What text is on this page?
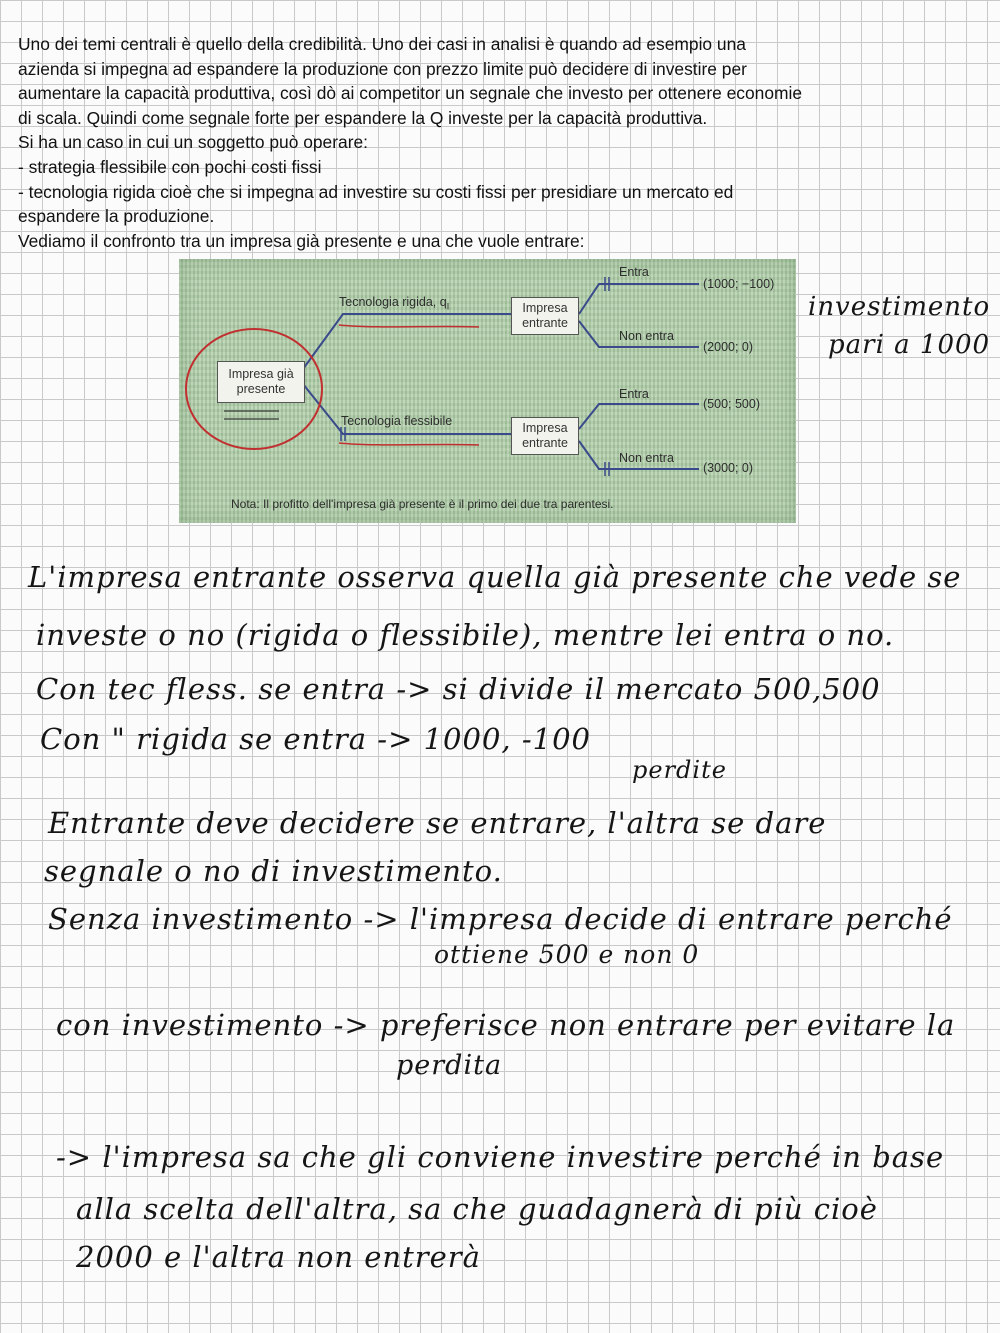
Uno dei temi centrali è quello della credibilità. Uno dei casi in analisi è quando ad esempio una
azienda si impegna ad espandere la produzione con prezzo limite può decidere di investire per
aumentare la capacità produttiva, così dò ai competitor un segnale che investo per ottenere economie
di scala. Quindi come segnale forte per espandere la Q investe per la capacità produttiva.
Si ha un caso in cui un soggetto può operare:
- strategia flessibile con pochi costi fissi
- tecnologia rigida cioè che si impegna ad investire su costi fissi per presidiare un mercato ed
espandere la produzione.
Vediamo il confronto tra un impresa già presente e una che vuole entrare:
Impresa già presente
Impresa entrante
Impresa entrante
Tecnologia rigida, $q_I$
Tecnologia flessibile
Entra
Non entra
Entra
Non entra
(1000; −100)
(2000; 0)
(500; 500)
(3000; 0)
Nota: Il profitto dell'impresa già presente è il primo dei due tra parentesi.
investimento
pari a 1000
L'impresa entrante osserva quella già presente che vede se
investe o no (rigida o flessibile), mentre lei entra o no.
Con tec fless. se entra -> si divide il mercato 500,500
Con " rigida se entra -> 1000, -100
perdite
Entrante deve decidere se entrare, l'altra se dare
segnale o no di investimento.
Senza investimento -> l'impresa decide di entrare perché
ottiene 500 e non 0
con investimento -> preferisce non entrare per evitare la
perdita
-> l'impresa sa che gli conviene investire perché in base
alla scelta dell'altra, sa che guadagnerà di più cioè
2000 e l'altra non entrerà
